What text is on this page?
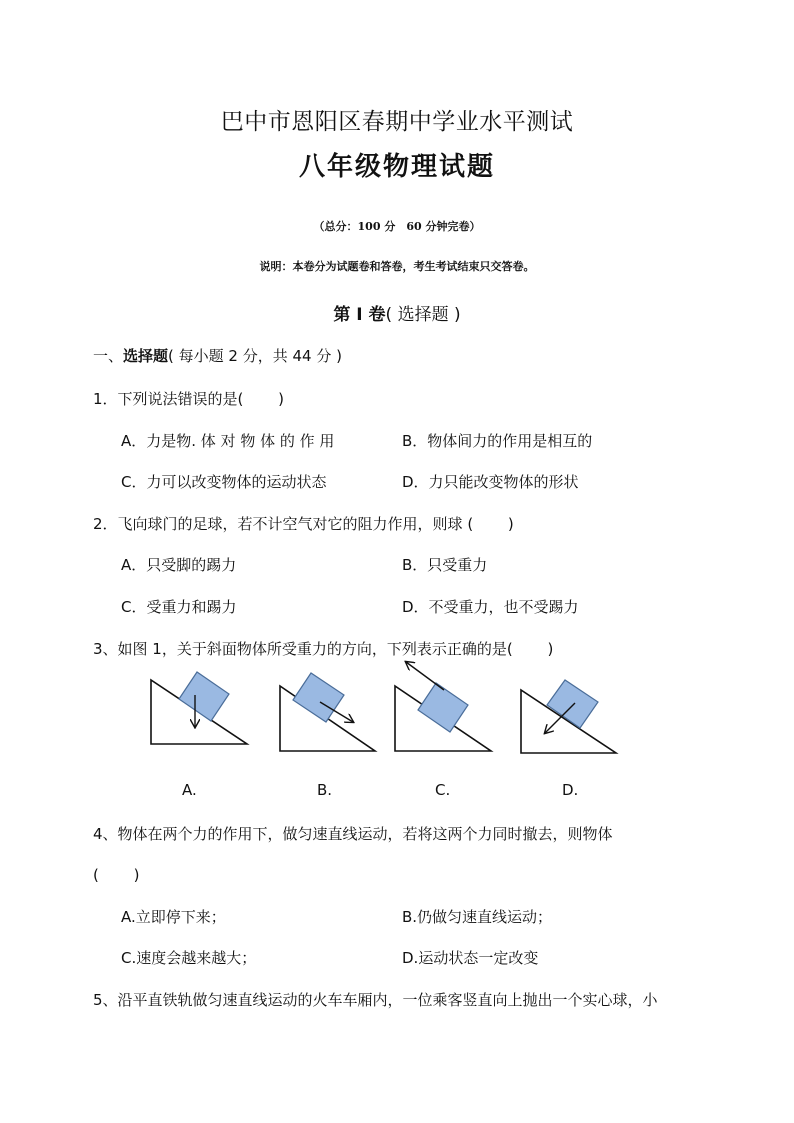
巴中市恩阳区春期中学业水平测试
八年级物理试题
（总分：100 分　60 分钟完卷）
说明：本卷分为试题卷和答卷，考生考试结束只交答卷。
第 Ⅰ 卷( 选择题 )
一、选择题( 每小题 2 分，共 44 分 )
1．下列说法错误的是(　　 )
A．力是物. 体 对 物 体 的 作 用	B．物体间力的作用是相互的
C．力可以改变物体的运动状态	D．力只能改变物体的形状
2．飞向球门的足球，若不计空气对它的阻力作用，则球 (　　 )
A．只受脚的踢力	B．只受重力
C．受重力和踢力	D．不受重力，也不受踢力
3、如图 1，关于斜面物体所受重力的方向，下列表示正确的是(　　 )
A.	B.	C.	D.
4、物体在两个力的作用下，做匀速直线运动，若将这两个力同时撤去，则物体
(　　 )
A.立即停下来；	B.仍做匀速直线运动；
C.速度会越来越大；	D.运动状态一定改变
5、沿平直铁轨做匀速直线运动的火车车厢内，一位乘客竖直向上抛出一个实心球，小
